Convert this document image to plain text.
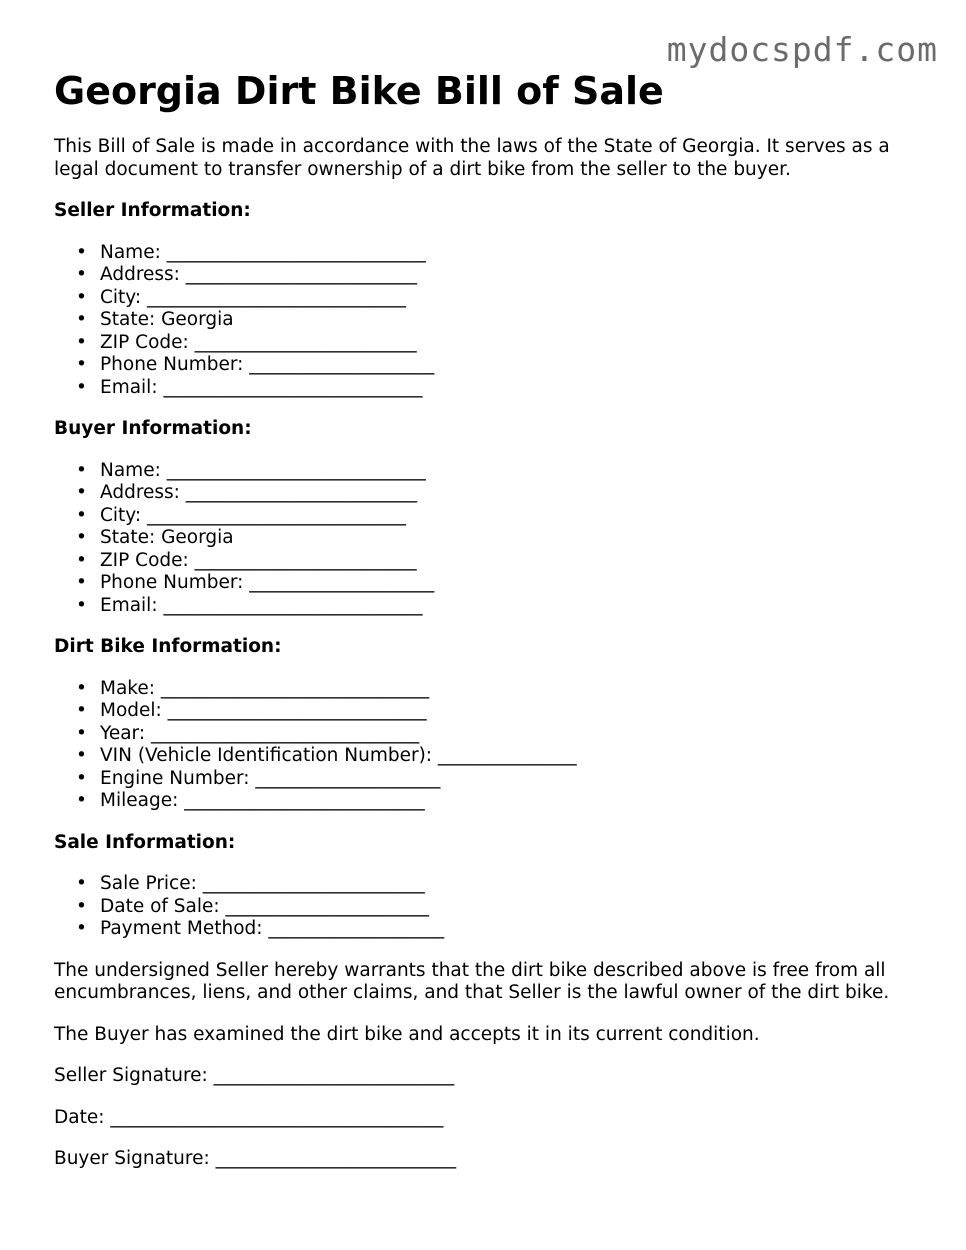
mydocspdf.com
Georgia Dirt Bike Bill of Sale

This Bill of Sale is made in accordance with the laws of the State of Georgia. It serves as a legal document to transfer ownership of a dirt bike from the seller to the buyer.

Seller Information:
• Name: ____________________________
• Address: _________________________
• City: ____________________________
• State: Georgia
• ZIP Code: ________________________
• Phone Number: ____________________
• Email: ____________________________
Buyer Information:
• Name: ____________________________
• Address: _________________________
• City: ____________________________
• State: Georgia
• ZIP Code: ________________________
• Phone Number: ____________________
• Email: ____________________________
Dirt Bike Information:
• Make: _____________________________
• Model: ____________________________
• Year: _____________________________
• VIN (Vehicle Identification Number): _______________
• Engine Number: ____________________
• Mileage: __________________________
Sale Information:
• Sale Price: ________________________
• Date of Sale: ______________________
• Payment Method: ___________________

The undersigned Seller hereby warrants that the dirt bike described above is free from all encumbrances, liens, and other claims, and that Seller is the lawful owner of the dirt bike.

The Buyer has examined the dirt bike and accepts it in its current condition.

Seller Signature: __________________________

Date: ____________________________________

Buyer Signature: __________________________
